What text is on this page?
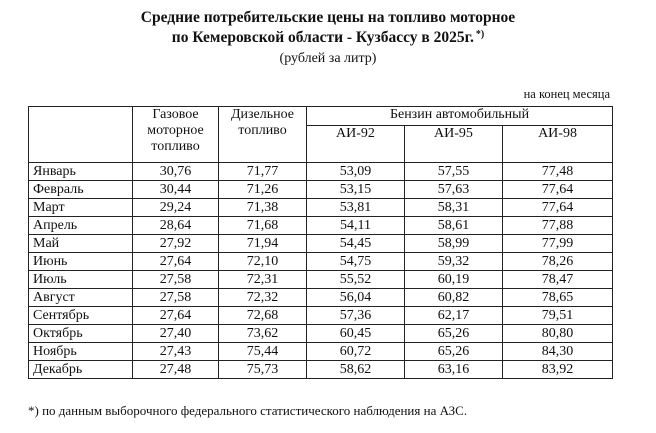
Средние потребительские цены на топливо моторное
по Кемеровской области - Кузбассу в 2025г. *)
(рублей за литр)
на конец месяца
	Газовое моторное топливо	Дизельное топливо	Бензин автомобильный		
			АИ-92	АИ-95	АИ-98
Январь	30,76	71,77	53,09	57,55	77,48
Февраль	30,44	71,26	53,15	57,63	77,64
Март	29,24	71,38	53,81	58,31	77,64
Апрель	28,64	71,68	54,11	58,61	77,88
Май	27,92	71,94	54,45	58,99	77,99
Июнь	27,64	72,10	54,75	59,32	78,26
Июль	27,58	72,31	55,52	60,19	78,47
Август	27,58	72,32	56,04	60,82	78,65
Сентябрь	27,64	72,68	57,36	62,17	79,51
Октябрь	27,40	73,62	60,45	65,26	80,80
Ноябрь	27,43	75,44	60,72	65,26	84,30
Декабрь	27,48	75,73	58,62	63,16	83,92
*) по данным выборочного федерального статистического наблюдения на АЗС.
